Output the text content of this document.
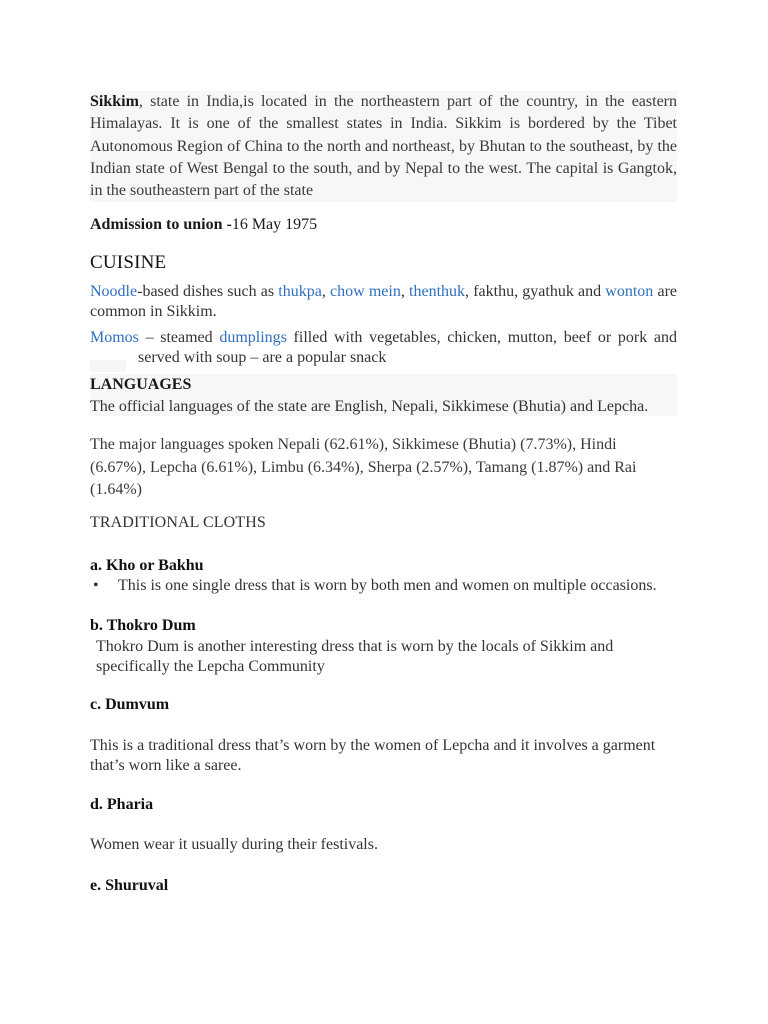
Sikkim, state in India,is located in the northeastern part of the country, in the eastern Himalayas. It is one of the smallest states in India. Sikkim is bordered by the Tibet Autonomous Region of China to the north and northeast, by Bhutan to the southeast, by the Indian state of West Bengal to the south, and by Nepal to the west. The capital is Gangtok, in the southeastern part of the state

Admission to union -16 May 1975

CUISINE

Noodle-based dishes such as thukpa, chow mein, thenthuk, fakthu, gyathuk and wonton are common in Sikkim.

Momos – steamed dumplings filled with vegetables, chicken, mutton, beef or pork and served with soup – are a popular snack

LANGUAGES
The official languages of the state are English, Nepali, Sikkimese (Bhutia) and Lepcha.

The major languages spoken Nepali (62.61%), Sikkimese (Bhutia) (7.73%), Hindi (6.67%), Lepcha (6.61%), Limbu (6.34%), Sherpa (2.57%), Tamang (1.87%) and Rai (1.64%)

TRADITIONAL CLOTHS

a. Kho or Bakhu

• This is one single dress that is worn by both men and women on multiple occasions.

b. Thokro Dum

Thokro Dum is another interesting dress that is worn by the locals of Sikkim and specifically the Lepcha Community

c. Dumvum

This is a traditional dress that’s worn by the women of Lepcha and it involves a garment that’s worn like a saree.

d. Pharia

Women wear it usually during their festivals.

e. Shuruval
